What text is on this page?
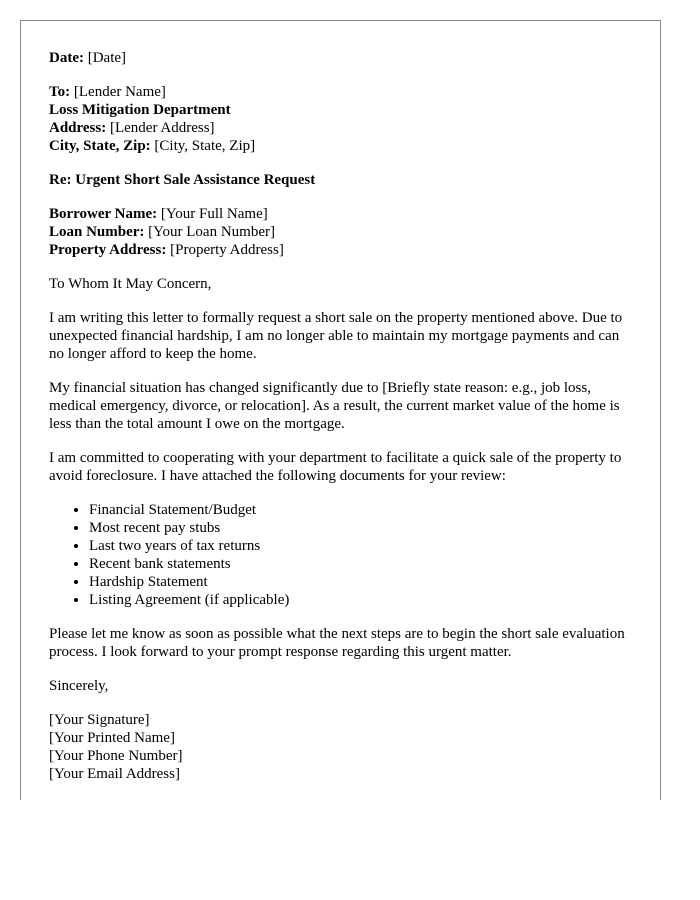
Date: [Date]
To: [Lender Name]
Loss Mitigation Department
Address: [Lender Address]
City, State, Zip: [City, State, Zip]
Re: Urgent Short Sale Assistance Request
Borrower Name: [Your Full Name]
Loan Number: [Your Loan Number]
Property Address: [Property Address]

To Whom It May Concern,

I am writing this letter to formally request a short sale on the property mentioned above. Due to unexpected financial hardship, I am no longer able to maintain my mortgage payments and can no longer afford to keep the home.

My financial situation has changed significantly due to [Briefly state reason: e.g., job loss, medical emergency, divorce, or relocation]. As a result, the current market value of the home is less than the total amount I owe on the mortgage.

I am committed to cooperating with your department to facilitate a quick sale of the property to avoid foreclosure. I have attached the following documents for your review:

• Financial Statement/Budget
• Most recent pay stubs
• Last two years of tax returns
• Recent bank statements
• Hardship Statement
• Listing Agreement (if applicable)

Please let me know as soon as possible what the next steps are to begin the short sale evaluation process. I look forward to your prompt response regarding this urgent matter.

Sincerely,

[Your Signature]
[Your Printed Name]
[Your Phone Number]
[Your Email Address]
